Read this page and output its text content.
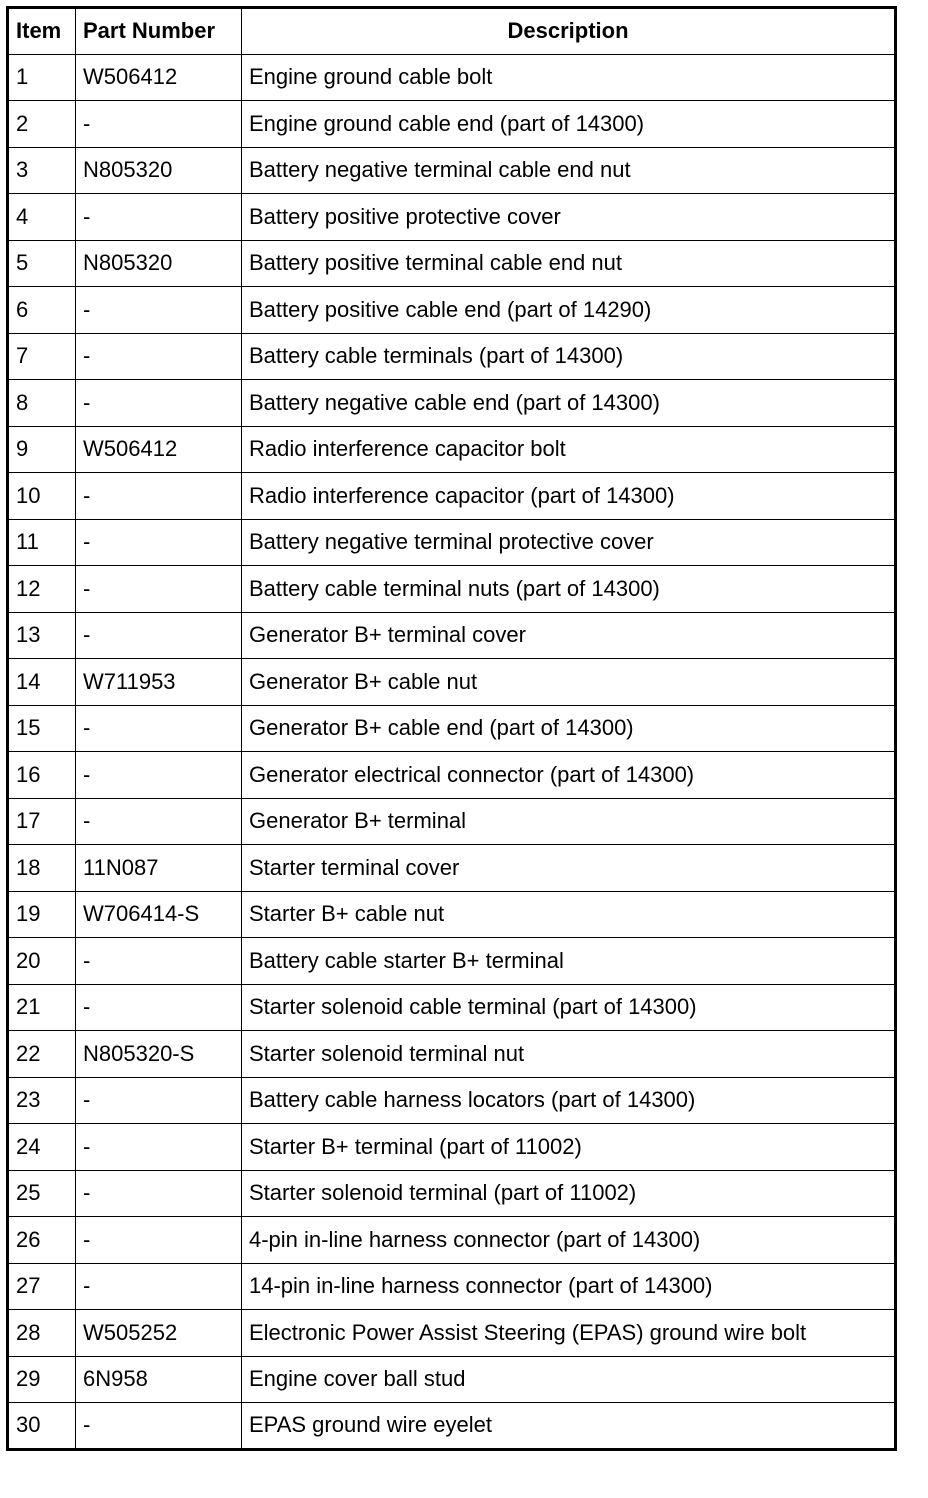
Item	Part Number	Description
1	W506412	Engine ground cable bolt
2	-	Engine ground cable end (part of 14300)
3	N805320	Battery negative terminal cable end nut
4	-	Battery positive protective cover
5	N805320	Battery positive terminal cable end nut
6	-	Battery positive cable end (part of 14290)
7	-	Battery cable terminals (part of 14300)
8	-	Battery negative cable end (part of 14300)
9	W506412	Radio interference capacitor bolt
10	-	Radio interference capacitor (part of 14300)
11	-	Battery negative terminal protective cover
12	-	Battery cable terminal nuts (part of 14300)
13	-	Generator B+ terminal cover
14	W711953	Generator B+ cable nut
15	-	Generator B+ cable end (part of 14300)
16	-	Generator electrical connector (part of 14300)
17	-	Generator B+ terminal
18	11N087	Starter terminal cover
19	W706414-S	Starter B+ cable nut
20	-	Battery cable starter B+ terminal
21	-	Starter solenoid cable terminal (part of 14300)
22	N805320-S	Starter solenoid terminal nut
23	-	Battery cable harness locators (part of 14300)
24	-	Starter B+ terminal (part of 11002)
25	-	Starter solenoid terminal (part of 11002)
26	-	4-pin in-line harness connector (part of 14300)
27	-	14-pin in-line harness connector (part of 14300)
28	W505252	Electronic Power Assist Steering (EPAS) ground wire bolt
29	6N958	Engine cover ball stud
30	-	EPAS ground wire eyelet
